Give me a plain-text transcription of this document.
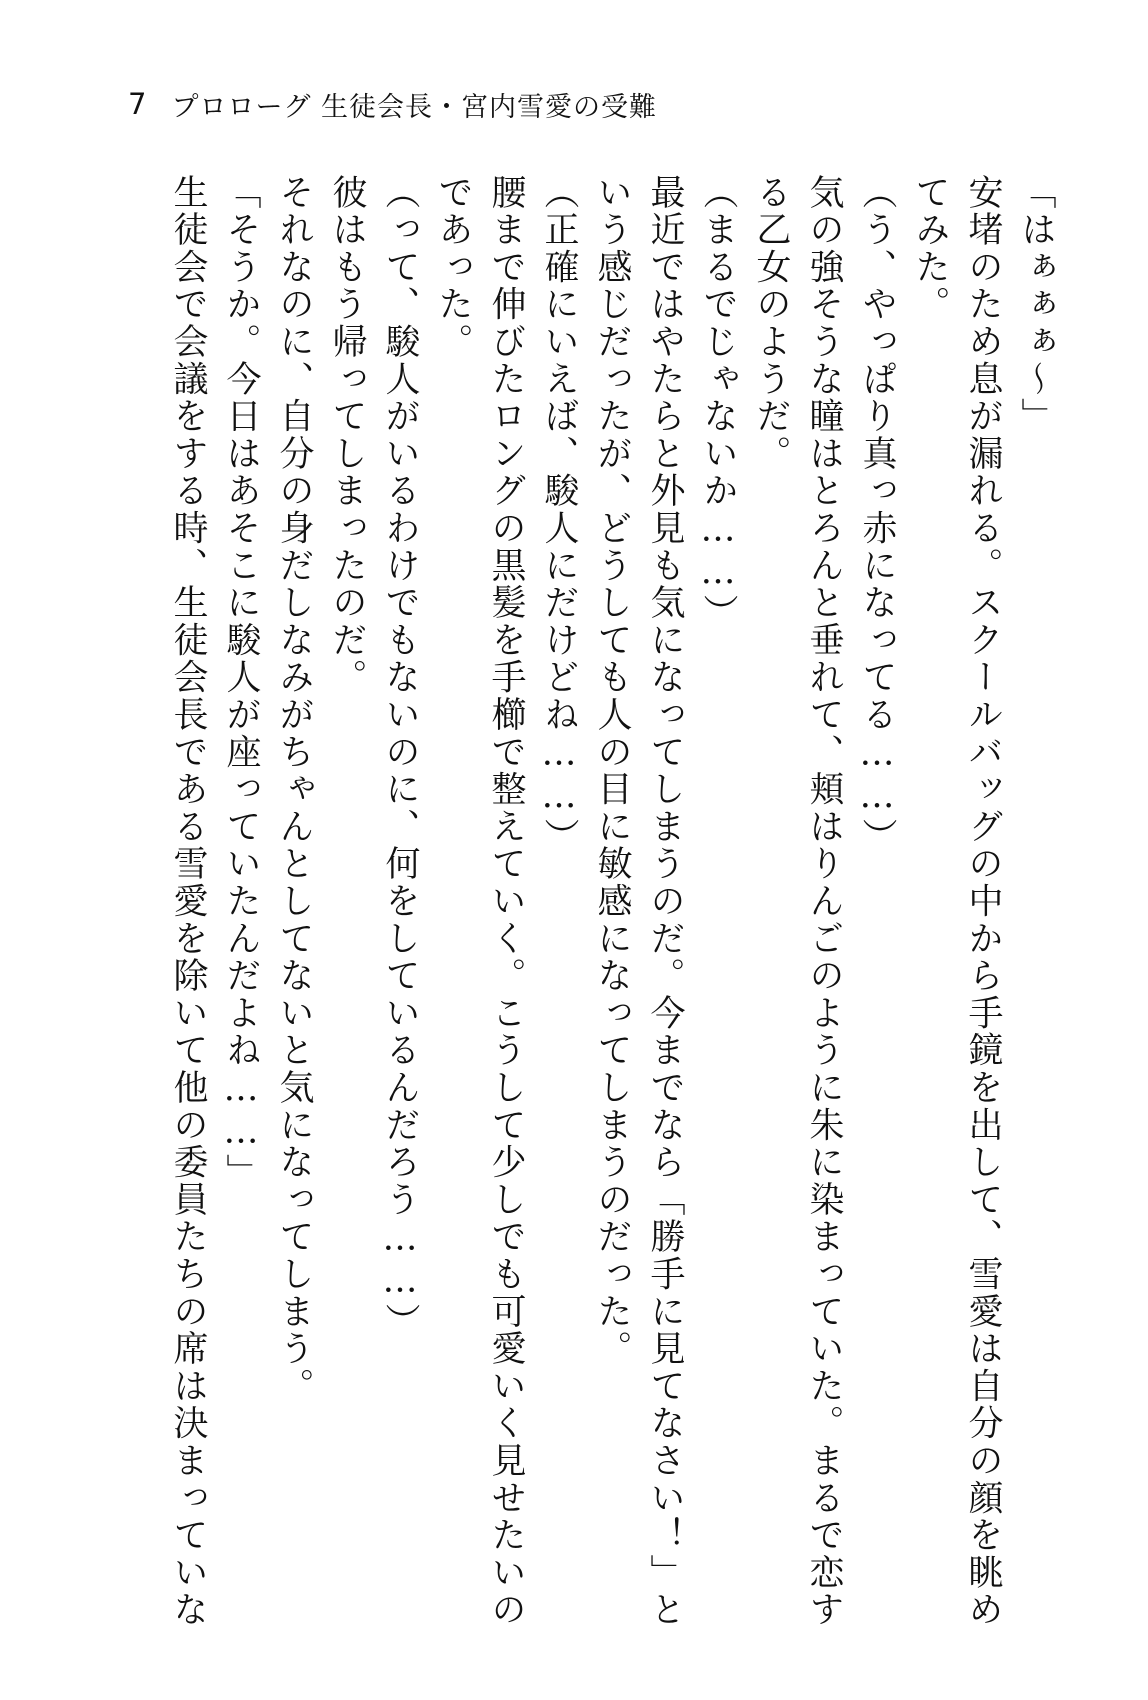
7 プロローグ 生徒会長・宮内雪愛の受難
「はぁぁぁ～」
安堵のため息が漏れる。スクールバッグの中から手鏡を出して、雪愛は自分の顔を眺め
てみた。
（う、やっぱり真っ赤になってる……）
気の強そうな瞳はとろんと垂れて、頬はりんごのように朱に染まっていた。まるで恋す
る乙女のようだ。
（まるでじゃないか……）
最近ではやたらと外見も気になってしまうのだ。今までなら「勝手に見てなさい！」と
いう感じだったが、どうしても人の目に敏感になってしまうのだった。
（正確にいえば、駿人にだけどね……）
腰まで伸びたロングの黒髪を手櫛で整えていく。こうして少しでも可愛いく見せたいの
であった。
（って、駿人がいるわけでもないのに、何をしているんだろう……）
彼はもう帰ってしまったのだ。
それなのに、自分の身だしなみがちゃんとしてないと気になってしまう。
「そうか。今日はあそこに駿人が座っていたんだよね……」
生徒会で会議をする時、生徒会長である雪愛を除いて他の委員たちの席は決まっていな
